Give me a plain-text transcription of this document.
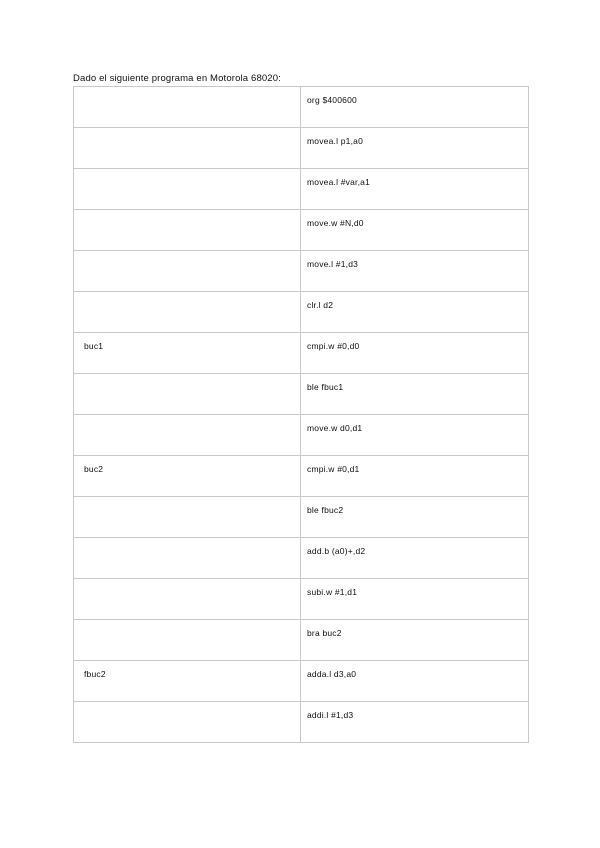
Dado el siguiente programa en Motorola 68020:

	org $400600

	movea.l p1,a0

	movea.l #var,a1

	move.w #N,d0

	move.l #1,d3

	clr.l d2

buc1	cmpi.w #0,d0

	ble fbuc1

	move.w d0,d1

buc2	cmpi.w #0,d1

	ble fbuc2

	add.b (a0)+,d2

	subi.w #1,d1

	bra buc2

fbuc2	adda.l d3,a0

	addi.l #1,d3
